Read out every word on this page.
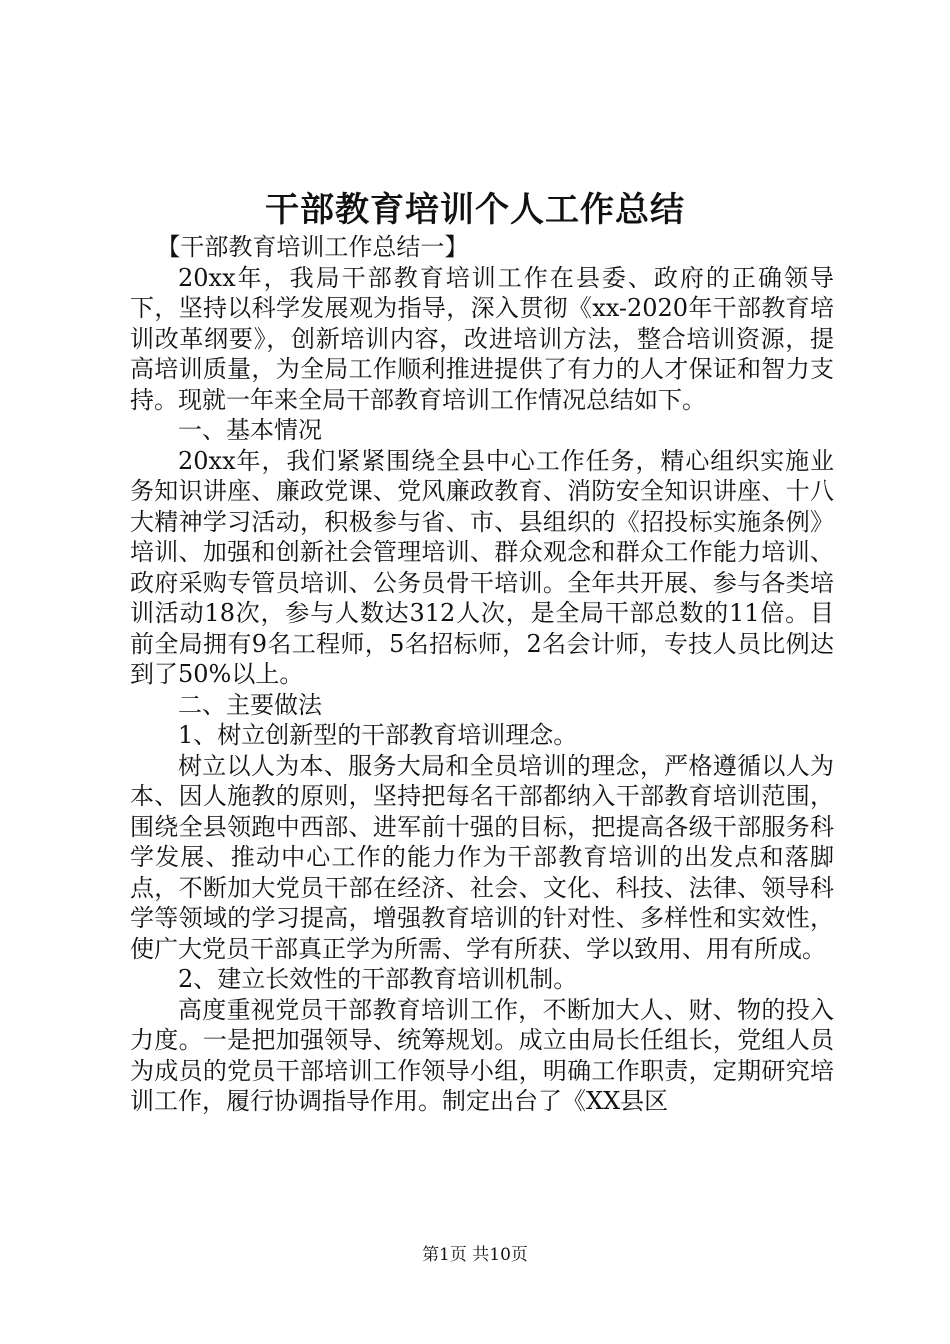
干部教育培训个人工作总结

【干部教育培训工作总结一】

20xx年，我局干部教育培训工作在县委、政府的正确领导下，坚持以科学发展观为指导，深入贯彻《xx-2020年干部教育培训改革纲要》，创新培训内容，改进培训方法，整合培训资源，提高培训质量，为全局工作顺利推进提供了有力的人才保证和智力支持。现就一年来全局干部教育培训工作情况总结如下。

一、基本情况

20xx年，我们紧紧围绕全县中心工作任务，精心组织实施业务知识讲座、廉政党课、党风廉政教育、消防安全知识讲座、十八大精神学习活动，积极参与省、市、县组织的《招投标实施条例》培训、加强和创新社会管理培训、群众观念和群众工作能力培训、政府采购专管员培训、公务员骨干培训。全年共开展、参与各类培训活动18次，参与人数达312人次，是全局干部总数的11倍。目前全局拥有9名工程师，5名招标师，2名会计师，专技人员比例达到了50%以上。

二、主要做法

1、树立创新型的干部教育培训理念。

树立以人为本、服务大局和全员培训的理念，严格遵循以人为本、因人施教的原则，坚持把每名干部都纳入干部教育培训范围，围绕全县领跑中西部、进军前十强的目标，把提高各级干部服务科学发展、推动中心工作的能力作为干部教育培训的出发点和落脚点，不断加大党员干部在经济、社会、文化、科技、法律、领导科学等领域的学习提高，增强教育培训的针对性、多样性和实效性，使广大党员干部真正学为所需、学有所获、学以致用、用有所成。

2、建立长效性的干部教育培训机制。

高度重视党员干部教育培训工作，不断加大人、财、物的投入力度。一是把加强领导、统筹规划。成立由局长任组长，党组人员为成员的党员干部培训工作领导小组，明确工作职责，定期研究培训工作，履行协调指导作用。制定出台了《XX县区

第1页 共10页
